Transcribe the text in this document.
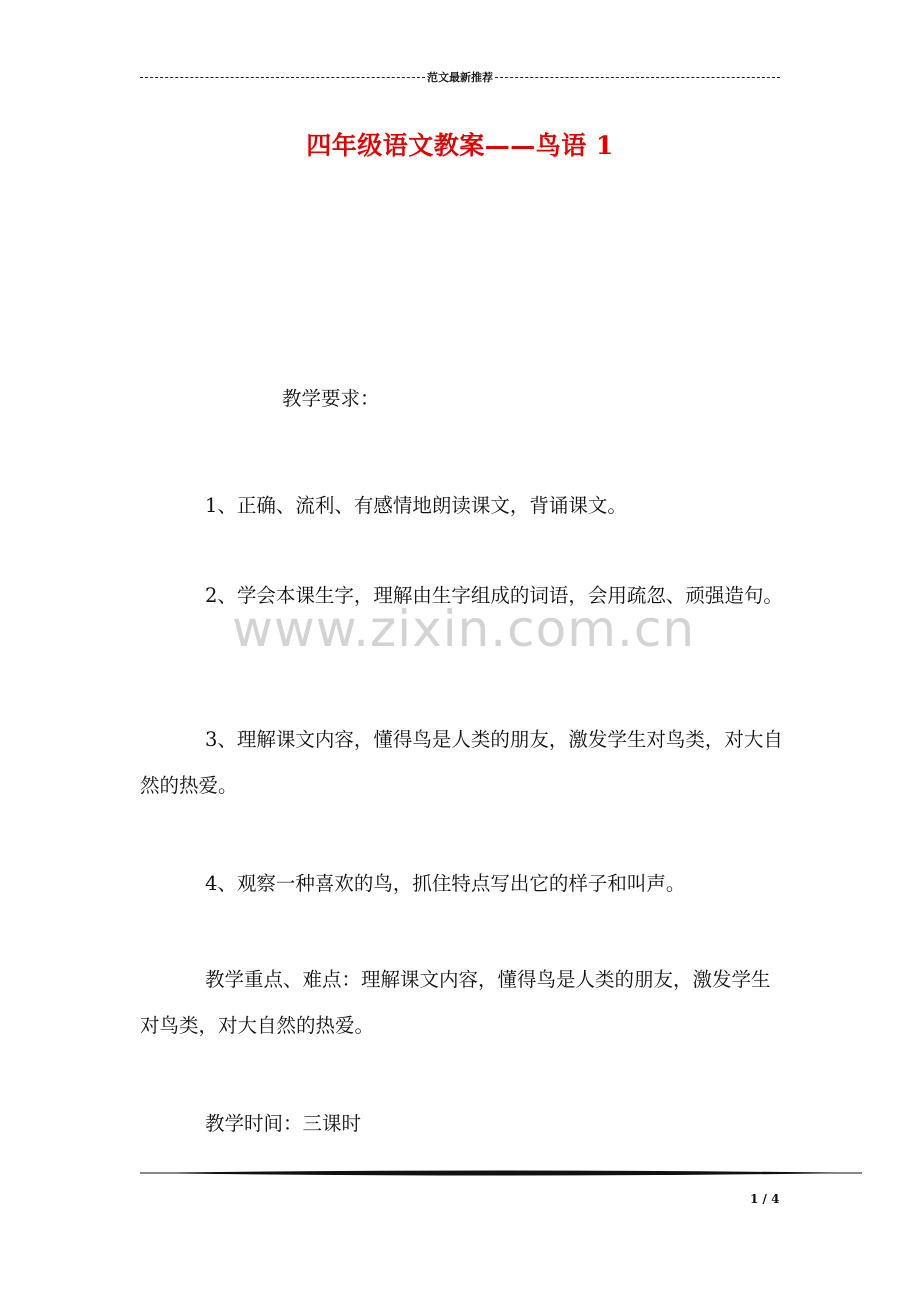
范文最新推荐
四年级语文教案——鸟语 1
教学要求：
1、正确、流利、有感情地朗读课文，背诵课文。
2、学会本课生字，理解由生字组成的词语，会用疏忽、顽强造句。
3、理解课文内容，懂得鸟是人类的朋友，激发学生对鸟类，对大自然的热爱。
4、观察一种喜欢的鸟，抓住特点写出它的样子和叫声。
教学重点、难点：理解课文内容，懂得鸟是人类的朋友，激发学生对鸟类，对大自然的热爱。
教学时间：三课时
www.zixin.com.cn
1 / 4
